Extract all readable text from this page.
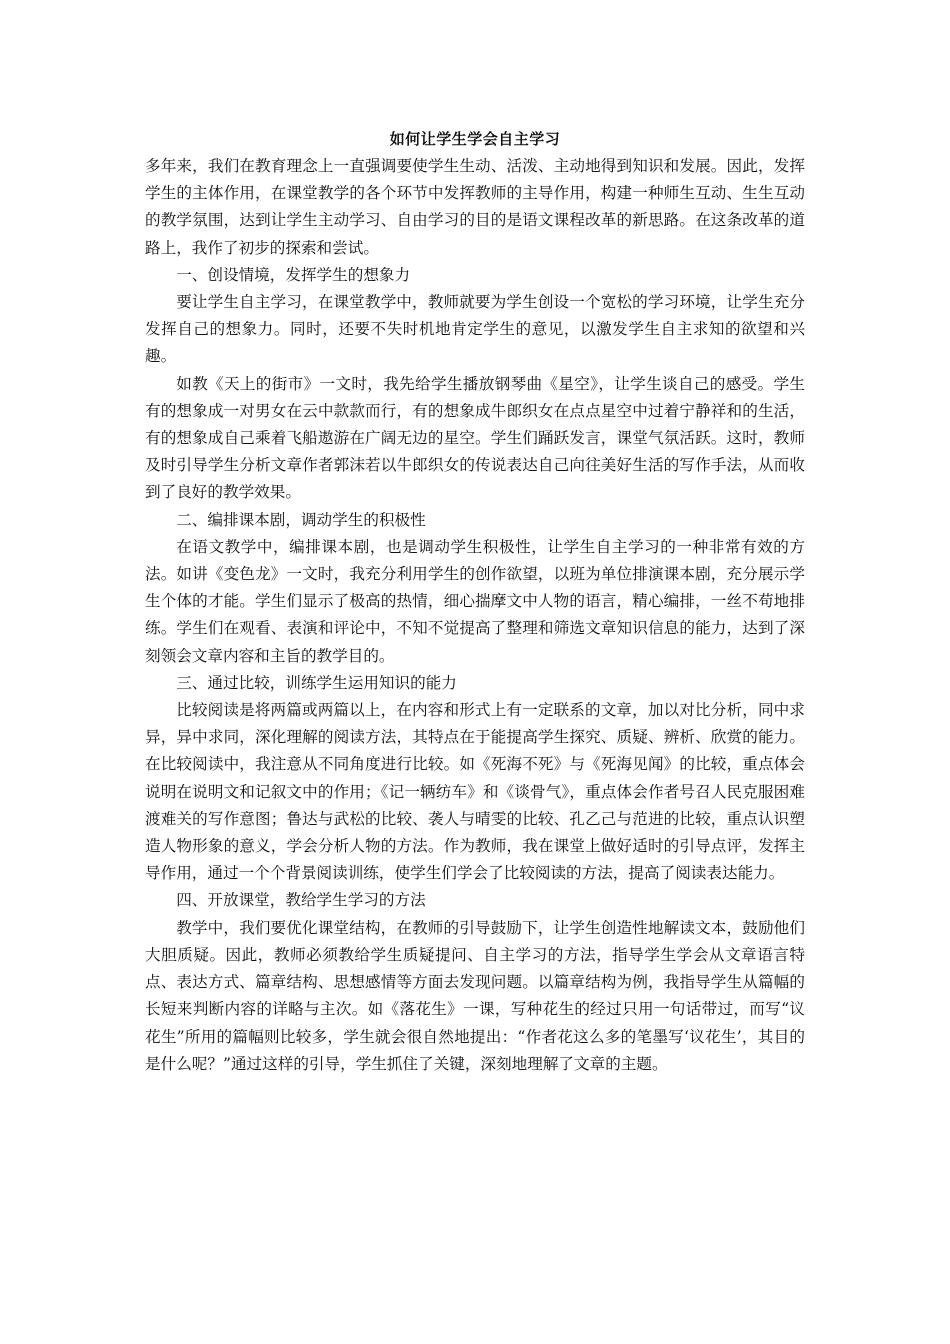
如何让学生学会自主学习

多年来，我们在教育理念上一直强调要使学生生动、活泼、主动地得到知识和发展。因此，发挥学生的主体作用，在课堂教学的各个环节中发挥教师的主导作用，构建一种师生互动、生生互动的教学氛围，达到让学生主动学习、自由学习的目的是语文课程改革的新思路。在这条改革的道路上，我作了初步的探索和尝试。

一、创设情境，发挥学生的想象力

要让学生自主学习，在课堂教学中，教师就要为学生创设一个宽松的学习环境，让学生充分发挥自己的想象力。同时，还要不失时机地肯定学生的意见，以激发学生自主求知的欲望和兴趣。

如教《天上的街市》一文时，我先给学生播放钢琴曲《星空》，让学生谈自己的感受。学生有的想象成一对男女在云中款款而行，有的想象成牛郎织女在点点星空中过着宁静祥和的生活，有的想象成自己乘着飞船遨游在广阔无边的星空。学生们踊跃发言，课堂气氛活跃。这时，教师及时引导学生分析文章作者郭沫若以牛郎织女的传说表达自己向往美好生活的写作手法，从而收到了良好的教学效果。

二、编排课本剧，调动学生的积极性

在语文教学中，编排课本剧，也是调动学生积极性，让学生自主学习的一种非常有效的方法。如讲《变色龙》一文时，我充分利用学生的创作欲望，以班为单位排演课本剧，充分展示学生个体的才能。学生们显示了极高的热情，细心揣摩文中人物的语言，精心编排，一丝不苟地排练。学生们在观看、表演和评论中，不知不觉提高了整理和筛选文章知识信息的能力，达到了深刻领会文章内容和主旨的教学目的。

三、通过比较，训练学生运用知识的能力

比较阅读是将两篇或两篇以上，在内容和形式上有一定联系的文章，加以对比分析，同中求异，异中求同，深化理解的阅读方法，其特点在于能提高学生探究、质疑、辨析、欣赏的能力。在比较阅读中，我注意从不同角度进行比较。如《死海不死》与《死海见闻》的比较，重点体会说明在说明文和记叙文中的作用；《记一辆纺车》和《谈骨气》，重点体会作者号召人民克服困难渡难关的写作意图；鲁达与武松的比较、袭人与晴雯的比较、孔乙己与范进的比较，重点认识塑造人物形象的意义，学会分析人物的方法。作为教师，我在课堂上做好适时的引导点评，发挥主导作用，通过一个个背景阅读训练，使学生们学会了比较阅读的方法，提高了阅读表达能力。

四、开放课堂，教给学生学习的方法

教学中，我们要优化课堂结构，在教师的引导鼓励下，让学生创造性地解读文本，鼓励他们大胆质疑。因此，教师必须教给学生质疑提问、自主学习的方法，指导学生学会从文章语言特点、表达方式、篇章结构、思想感情等方面去发现问题。以篇章结构为例，我指导学生从篇幅的长短来判断内容的详略与主次。如《落花生》一课，写种花生的经过只用一句话带过，而写“议花生”所用的篇幅则比较多，学生就会很自然地提出：“作者花这么多的笔墨写‘议花生’，其目的是什么呢？”通过这样的引导，学生抓住了关键，深刻地理解了文章的主题。
